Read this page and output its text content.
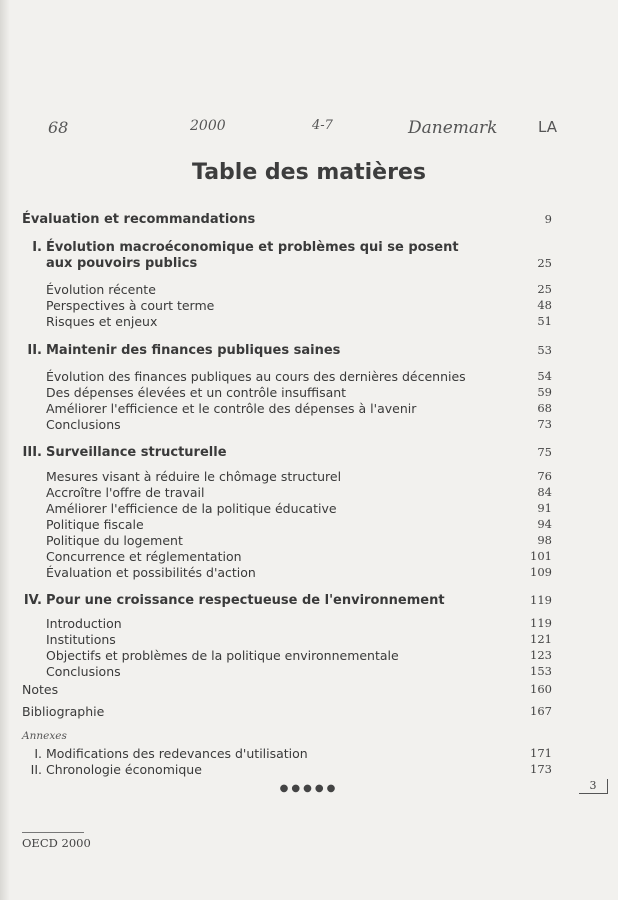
68	2000	4-7	Danemark	LA
Table des matières
Évaluation et recommandations	9
I. Évolution macroéconomique et problèmes qui se posent
aux pouvoirs publics	25
Évolution récente	25
Perspectives à court terme	48
Risques et enjeux	51
II. Maintenir des finances publiques saines	53
Évolution des finances publiques au cours des dernières décennies	54
Des dépenses élevées et un contrôle insuffisant	59
Améliorer l'efficience et le contrôle des dépenses à l'avenir	68
Conclusions	73
III. Surveillance structurelle	75
Mesures visant à réduire le chômage structurel	76
Accroître l'offre de travail	84
Améliorer l'efficience de la politique éducative	91
Politique fiscale	94
Politique du logement	98
Concurrence et réglementation	101
Évaluation et possibilités d'action	109
IV. Pour une croissance respectueuse de l'environnement	119
Introduction	119
Institutions	121
Objectifs et problèmes de la politique environnementale	123
Conclusions	153
Notes	160
Bibliographie	167
Annexes
I. Modifications des redevances d'utilisation	171
II. Chronologie économique	173
●●●●●	3
OECD 2000
